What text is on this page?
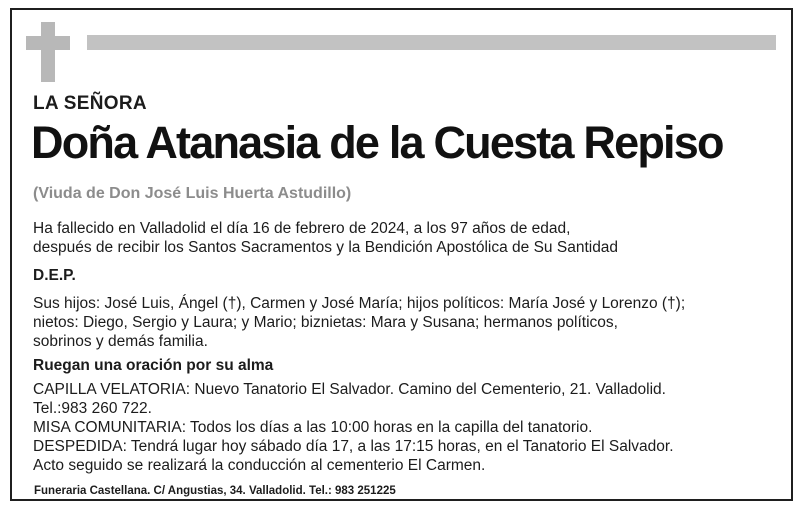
LA SEÑORA
Doña Atanasia de la Cuesta Repiso
(Viuda de Don José Luis Huerta Astudillo)
Ha fallecido en Valladolid el día 16 de febrero de 2024, a los 97 años de edad,
después de recibir los Santos Sacramentos y la Bendición Apostólica de Su Santidad
D.E.P.
Sus hijos: José Luis, Ángel (†), Carmen y José María; hijos políticos: María José y Lorenzo (†);
nietos: Diego, Sergio y Laura; y Mario; biznietas: Mara y Susana; hermanos políticos,
sobrinos y demás familia.
Ruegan una oración por su alma
CAPILLA VELATORIA: Nuevo Tanatorio El Salvador. Camino del Cementerio, 21. Valladolid.
Tel.:983 260 722.
MISA COMUNITARIA: Todos los días a las 10:00 horas en la capilla del tanatorio.
DESPEDIDA: Tendrá lugar hoy sábado día 17, a las 17:15 horas, en el Tanatorio El Salvador.
Acto seguido se realizará la conducción al cementerio El Carmen.
Funeraria Castellana. C/ Angustias, 34. Valladolid. Tel.: 983 251225
